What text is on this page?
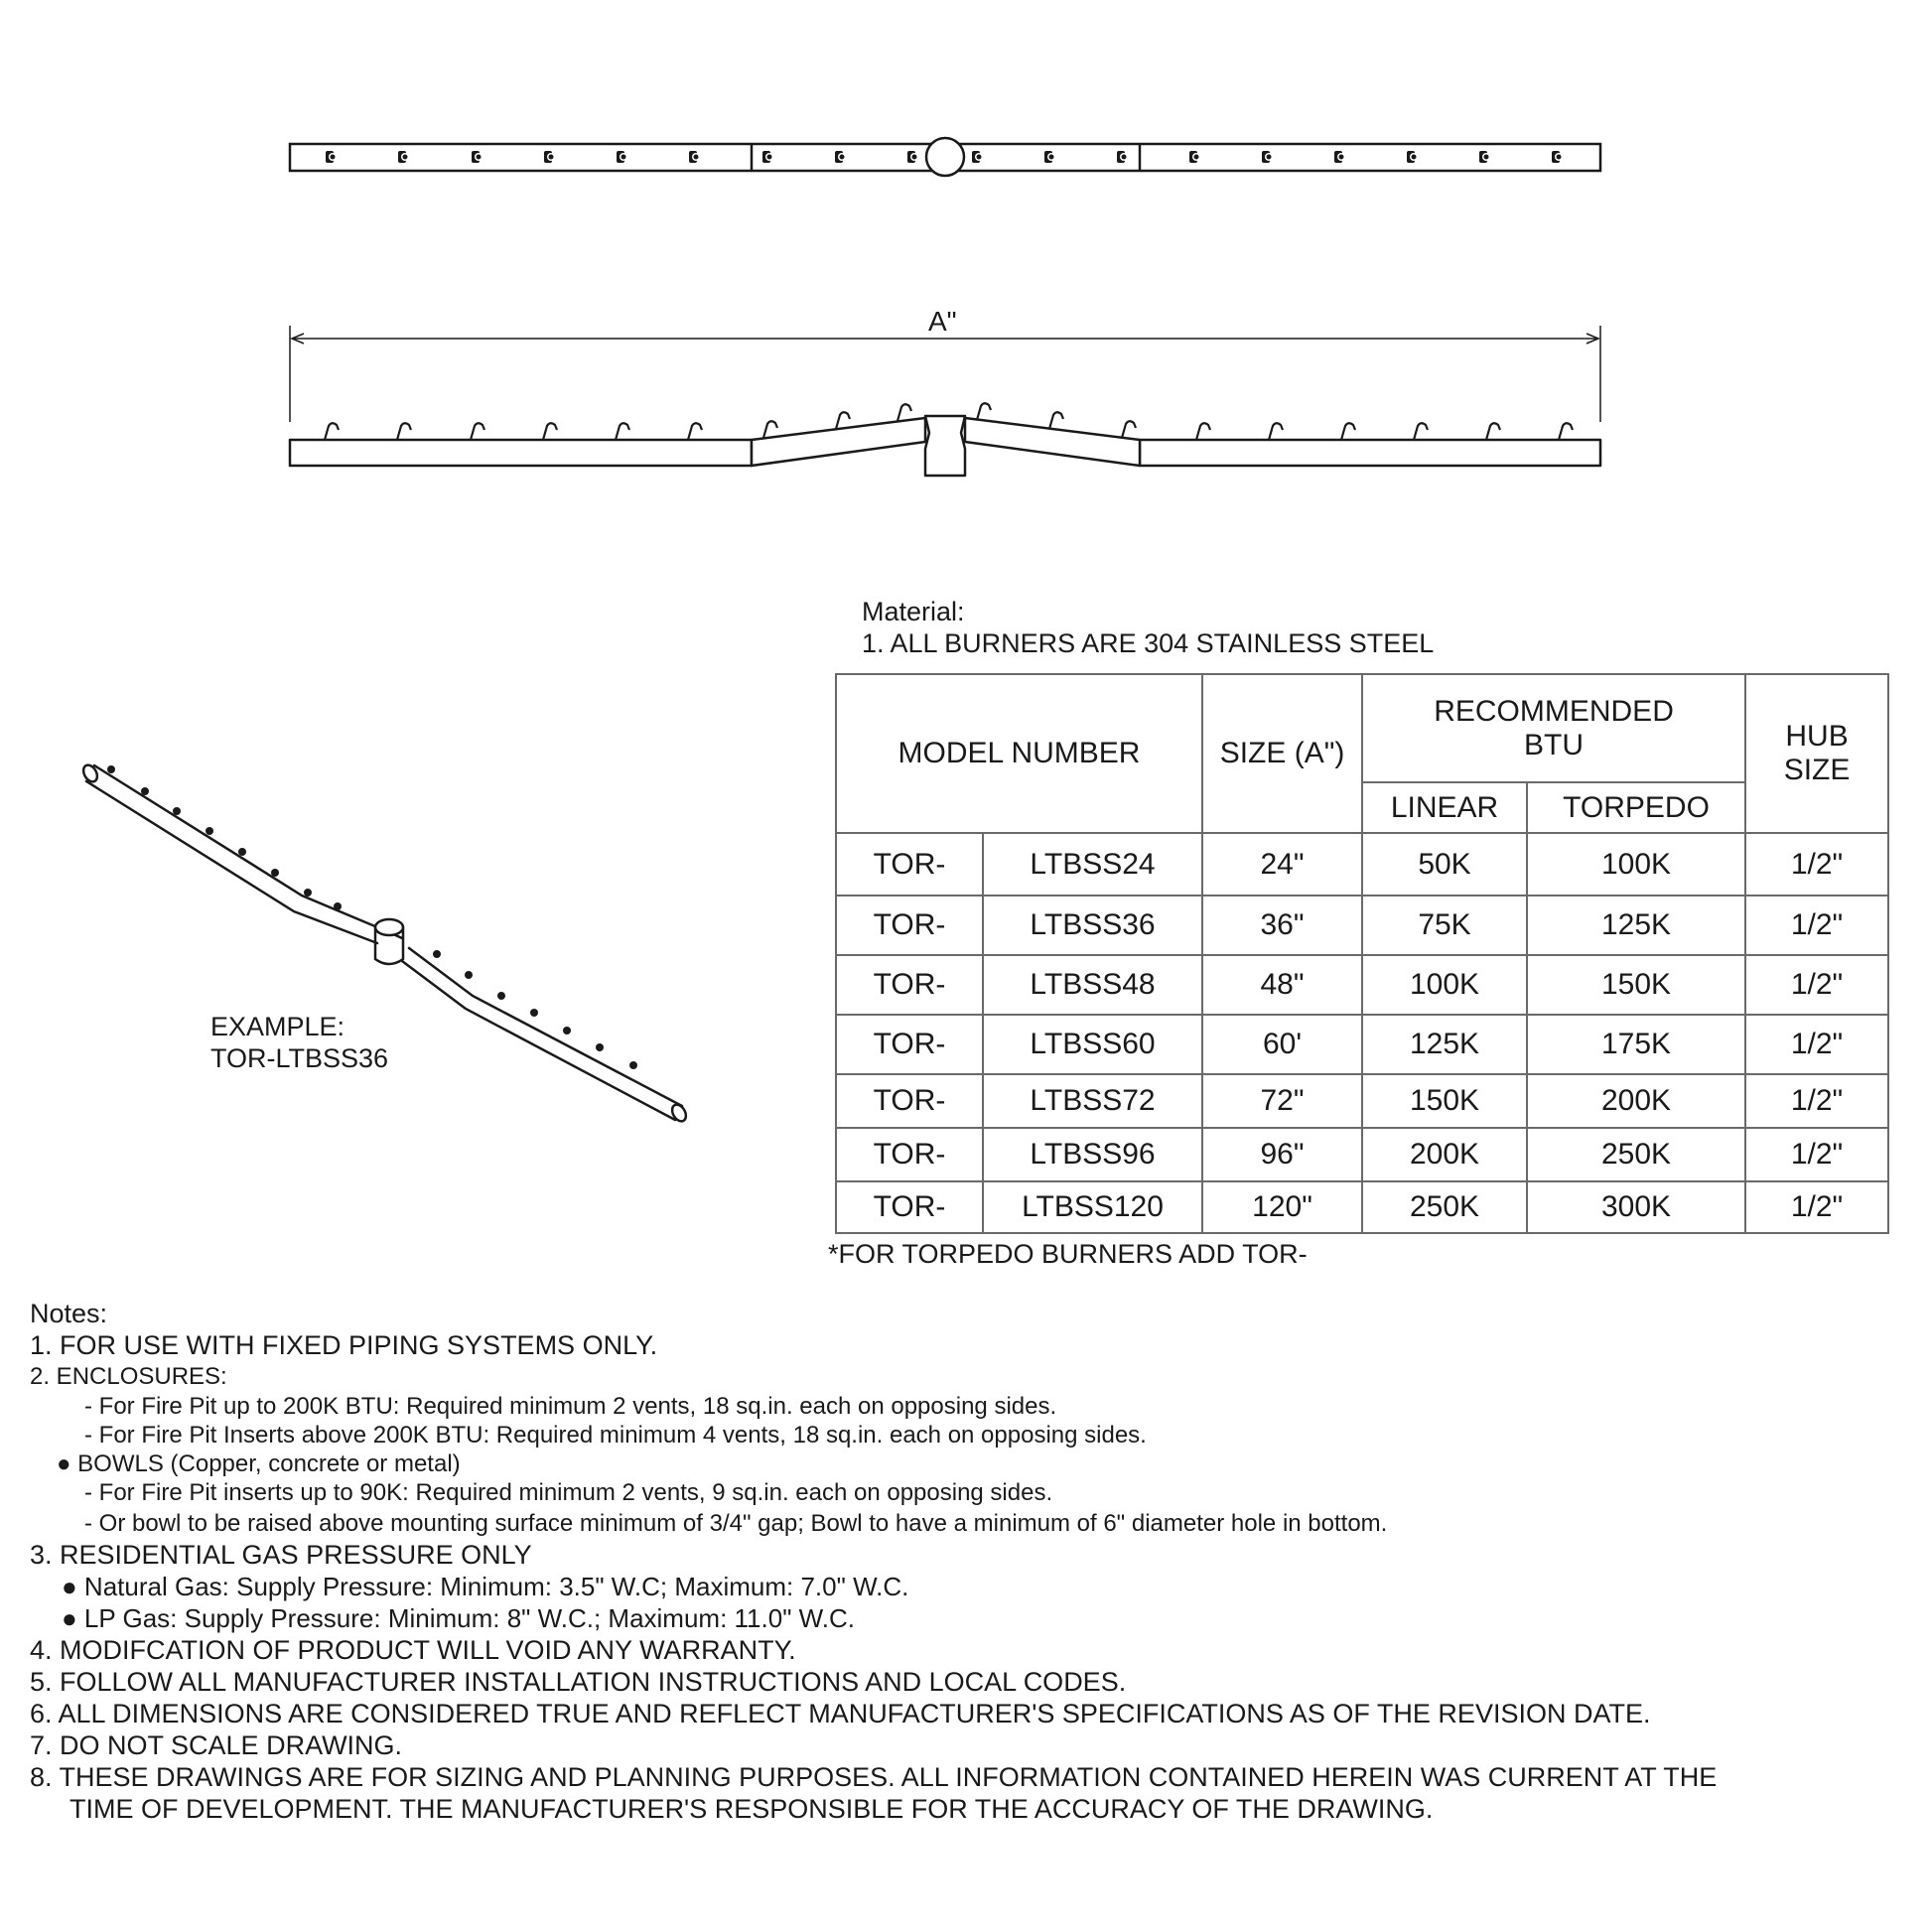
A"
Material:
1. ALL BURNERS ARE 304 STAINLESS STEEL
EXAMPLE:
TOR-LTBSS36
MODEL NUMBER		SIZE (A")	RECOMMENDED BTU		HUB SIZE
			LINEAR	TORPEDO	
TOR-	LTBSS24	24"	50K	100K	1/2"
TOR-	LTBSS36	36"	75K	125K	1/2"
TOR-	LTBSS48	48"	100K	150K	1/2"
TOR-	LTBSS60	60'	125K	175K	1/2"
TOR-	LTBSS72	72"	150K	200K	1/2"
TOR-	LTBSS96	96"	200K	250K	1/2"
TOR-	LTBSS120	120"	250K	300K	1/2"
*FOR TORPEDO BURNERS ADD TOR-
Notes:
1. FOR USE WITH FIXED PIPING SYSTEMS ONLY.
2. ENCLOSURES:
- For Fire Pit up to 200K BTU: Required minimum 2 vents, 18 sq.in. each on opposing sides.
- For Fire Pit Inserts above 200K BTU: Required minimum 4 vents, 18 sq.in. each on opposing sides.
● BOWLS (Copper, concrete or metal)
- For Fire Pit inserts up to 90K: Required minimum 2 vents, 9 sq.in. each on opposing sides.
- Or bowl to be raised above mounting surface minimum of 3/4" gap; Bowl to have a minimum of 6" diameter hole in bottom.
3. RESIDENTIAL GAS PRESSURE ONLY
● Natural Gas: Supply Pressure: Minimum: 3.5" W.C; Maximum: 7.0" W.C.
● LP Gas: Supply Pressure: Minimum: 8" W.C.; Maximum: 11.0" W.C.
4. MODIFCATION OF PRODUCT WILL VOID ANY WARRANTY.
5. FOLLOW ALL MANUFACTURER INSTALLATION INSTRUCTIONS AND LOCAL CODES.
6. ALL DIMENSIONS ARE CONSIDERED TRUE AND REFLECT MANUFACTURER'S SPECIFICATIONS AS OF THE REVISION DATE.
7. DO NOT SCALE DRAWING.
8. THESE DRAWINGS ARE FOR SIZING AND PLANNING PURPOSES. ALL INFORMATION CONTAINED HEREIN WAS CURRENT AT THE
TIME OF DEVELOPMENT. THE MANUFACTURER'S RESPONSIBLE FOR THE ACCURACY OF THE DRAWING.
